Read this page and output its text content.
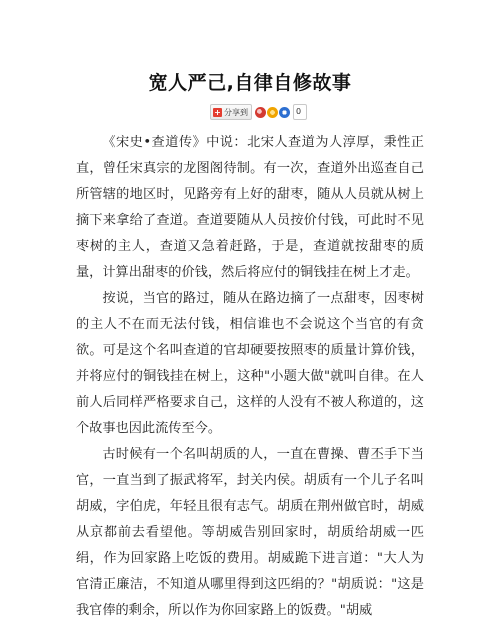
宽人严己,自律自修故事
+ 分享到	0

《宋史•查道传》中说：北宋人查道为人淳厚，秉性正直，曾任宋真宗的龙图阁待制。有一次，查道外出巡查自己所管辖的地区时，见路旁有上好的甜枣，随从人员就从树上摘下来拿给了查道。查道要随从人员按价付钱，可此时不见枣树的主人，查道又急着赶路，于是，查道就按甜枣的质量，计算出甜枣的价钱，然后将应付的铜钱挂在树上才走。

按说，当官的路过，随从在路边摘了一点甜枣，因枣树的主人不在而无法付钱，相信谁也不会说这个当官的有贪欲。可是这个名叫查道的官却硬要按照枣的质量计算价钱，并将应付的铜钱挂在树上，这种"小题大做"就叫自律。在人前人后同样严格要求自己，这样的人没有不被人称道的，这个故事也因此流传至今。

古时候有一个名叫胡质的人，一直在曹操、曹丕手下当官，一直当到了振武将军，封关内侯。胡质有一个儿子名叫胡威，字伯虎，年轻且很有志气。胡质在荆州做官时，胡威从京都前去看望他。等胡威告别回家时，胡质给胡威一匹绢，作为回家路上吃饭的费用。胡威跪下进言道："大人为官清正廉洁，不知道从哪里得到这匹绢的？"胡质说："这是我官俸的剩余，所以作为你回家路上的饭费。"胡威
